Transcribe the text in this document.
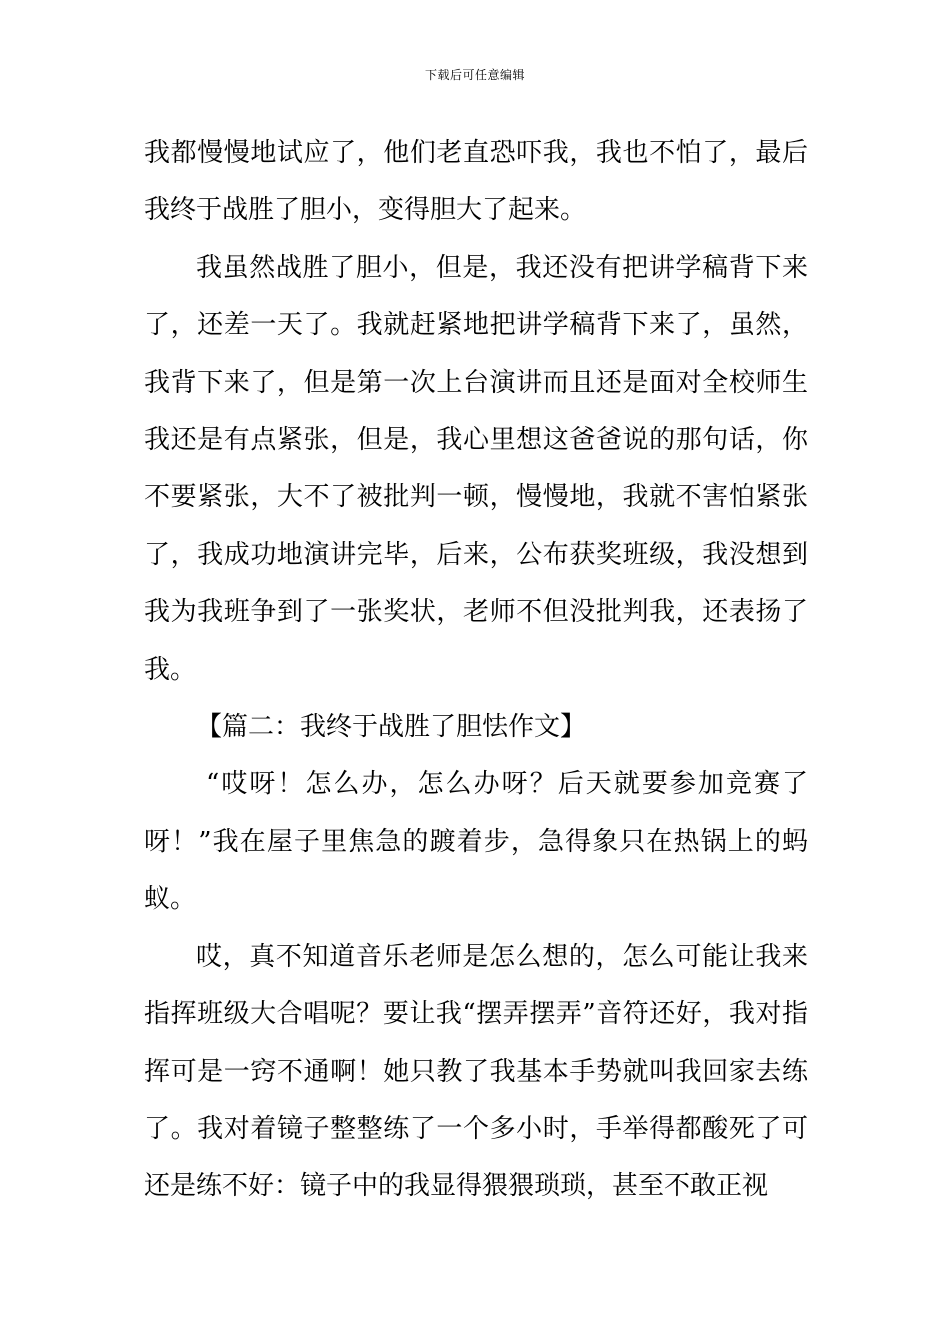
下载后可任意编辑

我都慢慢地试应了，他们老直恐吓我，我也不怕了，最后我终于战胜了胆小，变得胆大了起来。

我虽然战胜了胆小，但是，我还没有把讲学稿背下来了，还差一天了。我就赶紧地把讲学稿背下来了，虽然，我背下来了，但是第一次上台演讲而且还是面对全校师生我还是有点紧张，但是，我心里想这爸爸说的那句话，你不要紧张，大不了被批判一顿，慢慢地，我就不害怕紧张了，我成功地演讲完毕，后来，公布获奖班级，我没想到我为我班争到了一张奖状，老师不但没批判我，还表扬了我。

【篇二：我终于战胜了胆怯作文】

“哎呀！怎么办，怎么办呀？后天就要参加竞赛了呀！”我在屋子里焦急的踱着步，急得象只在热锅上的蚂蚁。

哎，真不知道音乐老师是怎么想的，怎么可能让我来指挥班级大合唱呢？要让我“摆弄摆弄”音符还好，我对指挥可是一窍不通啊！她只教了我基本手势就叫我回家去练了。我对着镜子整整练了一个多小时，手举得都酸死了可还是练不好：镜子中的我显得猥猥琐琐，甚至不敢正视
